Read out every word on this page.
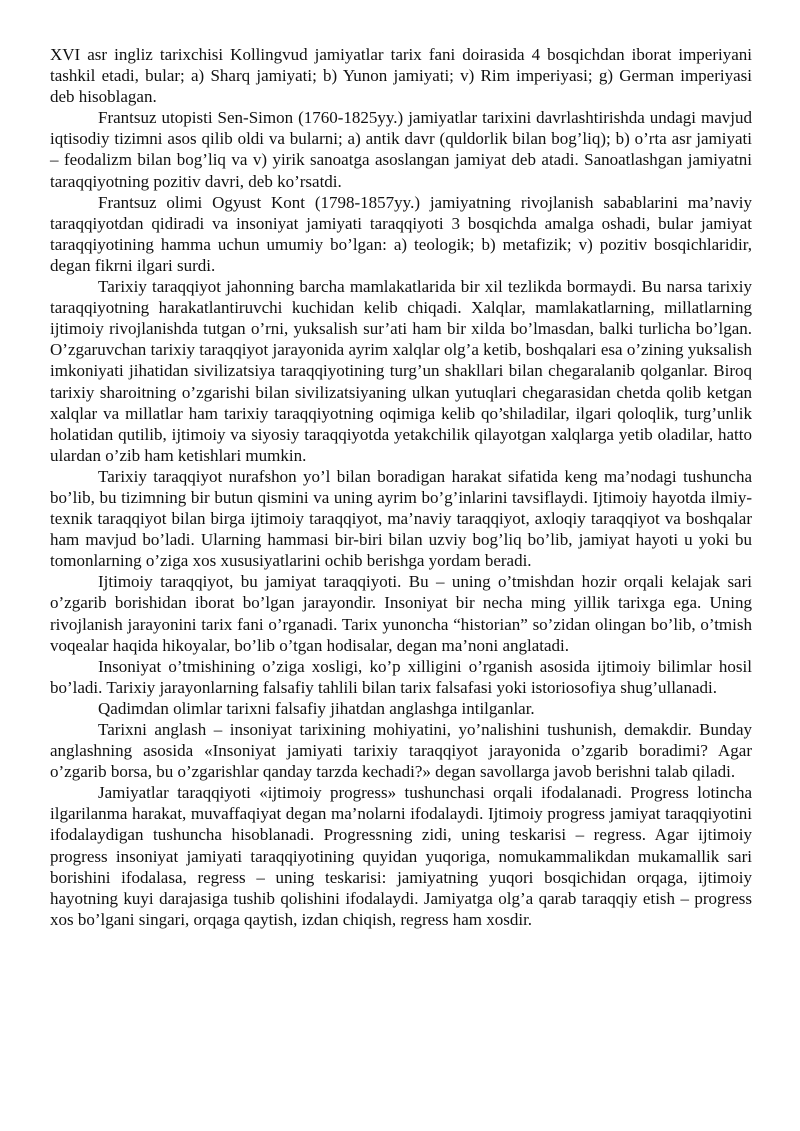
XVI asr ingliz tarixchisi Kollingvud jamiyatlar tarix fani doirasida 4 bosqichdan iborat imperiyani tashkil etadi, bular; a) Sharq jamiyati; b) Yunon jamiyati; v) Rim imperiyasi; g) German imperiyasi deb hisoblagan.

Frantsuz utopisti Sen-Simon (1760-1825yy.) jamiyatlar tarixini davrlashtirishda undagi mavjud iqtisodiy tizimni asos qilib oldi va bularni; a) antik davr (quldorlik bilan bog’liq); b) o’rta asr jamiyati – feodalizm bilan bog’liq va v) yirik sanoatga asoslangan jamiyat deb atadi. Sanoatlashgan jamiyatni taraqqiyotning pozitiv davri, deb ko’rsatdi.

Frantsuz olimi Ogyust Kont (1798-1857yy.) jamiyatning rivojlanish sabablarini ma’naviy taraqqiyotdan qidiradi va insoniyat jamiyati taraqqiyoti 3 bosqichda amalga oshadi, bular jamiyat taraqqiyotining hamma uchun umumiy bo’lgan: a) teologik; b) metafizik; v) pozitiv bosqichlaridir, degan fikrni ilgari surdi.

Tarixiy taraqqiyot jahonning barcha mamlakatlarida bir xil tezlikda bormaydi. Bu narsa tarixiy taraqqiyotning harakatlantiruvchi kuchidan kelib chiqadi. Xalqlar, mamlakatlarning, millatlarning ijtimoiy rivojlanishda tutgan o’rni, yuksalish sur’ati ham bir xilda bo’lmasdan, balki turlicha bo’lgan. O’zgaruvchan tarixiy taraqqiyot jarayonida ayrim xalqlar olg’a ketib, boshqalari esa o’zining yuksalish imkoniyati jihatidan sivilizatsiya taraqqiyotining turg’un shakllari bilan chegaralanib qolganlar. Biroq tarixiy sharoitning o’zgarishi bilan sivilizatsiyaning ulkan yutuqlari chegarasidan chetda qolib ketgan xalqlar va millatlar ham tarixiy taraqqiyotning oqimiga kelib qo’shiladilar, ilgari qoloqlik, turg’unlik holatidan qutilib, ijtimoiy va siyosiy taraqqiyotda yetakchilik qilayotgan xalqlarga yetib oladilar, hatto ulardan o’zib ham ketishlari mumkin.

Tarixiy taraqqiyot nurafshon yo’l bilan boradigan harakat sifatida keng ma’nodagi tushuncha bo’lib, bu tizimning bir butun qismini va uning ayrim bo’g’inlarini tavsiflaydi. Ijtimoiy hayotda ilmiy-texnik taraqqiyot bilan birga ijtimoiy taraqqiyot, ma’naviy taraqqiyot, axloqiy taraqqiyot va boshqalar ham mavjud bo’ladi. Ularning hammasi bir-biri bilan uzviy bog’liq bo’lib, jamiyat hayoti u yoki bu tomonlarning o’ziga xos xususiyatlarini ochib berishga yordam beradi.

Ijtimoiy taraqqiyot, bu jamiyat taraqqiyoti. Bu – uning o’tmishdan hozir orqali kelajak sari o’zgarib borishidan iborat bo’lgan jarayondir. Insoniyat bir necha ming yillik tarixga ega. Uning rivojlanish jarayonini tarix fani o’rganadi. Tarix yunoncha “historian” so’zidan olingan bo’lib, o’tmish voqealar haqida hikoyalar, bo’lib o’tgan hodisalar, degan ma’noni anglatadi.

Insoniyat o’tmishining o’ziga xosligi, ko’p xilligini o’rganish asosida ijtimoiy bilimlar hosil bo’ladi. Tarixiy jarayonlarning falsafiy tahlili bilan tarix falsafasi yoki istoriosofiya shug’ullanadi.

Qadimdan olimlar tarixni falsafiy jihatdan anglashga intilganlar.

Tarixni anglash – insoniyat tarixining mohiyatini, yo’nalishini tushunish, demakdir. Bunday anglashning asosida «Insoniyat jamiyati tarixiy taraqqiyot jarayonida o’zgarib boradimi? Agar o’zgarib borsa, bu o’zgarishlar qanday tarzda kechadi?» degan savollarga javob berishni talab qiladi.

Jamiyatlar taraqqiyoti «ijtimoiy progress» tushunchasi orqali ifodalanadi. Progress lotincha ilgarilanma harakat, muvaffaqiyat degan ma’nolarni ifodalaydi. Ijtimoiy progress jamiyat taraqqiyotini ifodalaydigan tushuncha hisoblanadi. Progressning zidi, uning teskarisi – regress. Agar ijtimoiy progress insoniyat jamiyati taraqqiyotining quyidan yuqoriga, nomukammalikdan mukamallik sari borishini ifodalasa, regress – uning teskarisi: jamiyatning yuqori bosqichidan orqaga, ijtimoiy hayotning kuyi darajasiga tushib qolishini ifodalaydi. Jamiyatga olg’a qarab taraqqiy etish – progress xos bo’lgani singari, orqaga qaytish, izdan chiqish, regress ham xosdir.
